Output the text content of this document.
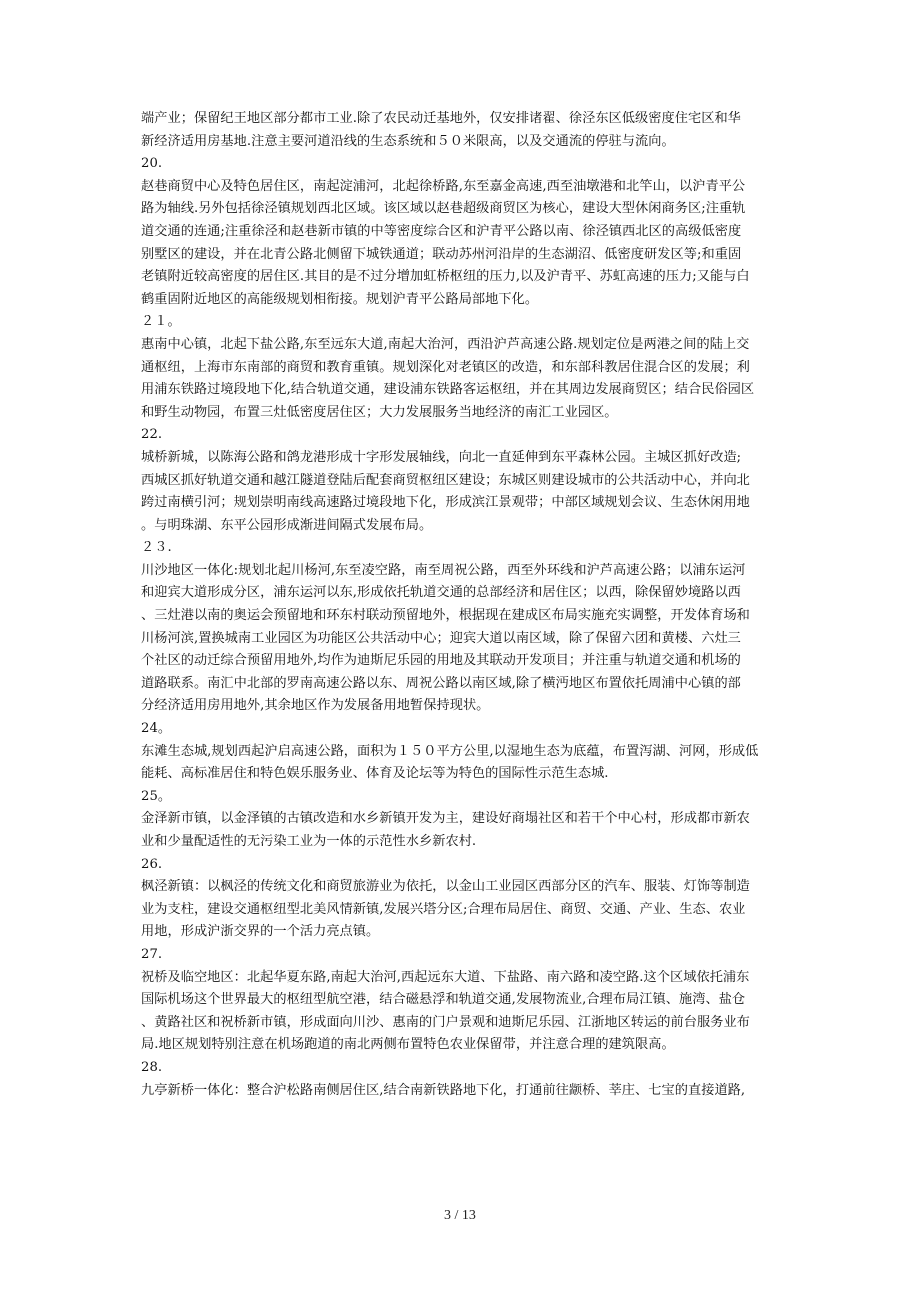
端产业；保留纪王地区部分都市工业.除了农民动迁基地外，仅安排诸翟、徐泾东区低级密度住宅区和华
新经济适用房基地.注意主要河道沿线的生态系统和５０米限高，以及交通流的停驻与流向。
20.
赵巷商贸中心及特色居住区，南起淀浦河，北起徐桥路,东至嘉金高速,西至油墩港和北竿山，以沪青平公
路为轴线.另外包括徐泾镇规划西北区域。该区域以赵巷超级商贸区为核心，建设大型休闲商务区;注重轨
道交通的连通;注重徐泾和赵巷新市镇的中等密度综合区和沪青平公路以南、徐泾镇西北区的高级低密度
别墅区的建设，并在北青公路北侧留下城铁通道；联动苏州河沿岸的生态湖沼、低密度研发区等;和重固
老镇附近较高密度的居住区.其目的是不过分增加虹桥枢纽的压力,以及沪青平、苏虹高速的压力;又能与白
鹤重固附近地区的高能级规划相衔接。规划沪青平公路局部地下化。
２１。
惠南中心镇，北起下盐公路,东至远东大道,南起大治河，西沿沪芦高速公路.规划定位是两港之间的陆上交
通枢纽，上海市东南部的商贸和教育重镇。规划深化对老镇区的改造，和东部科教居住混合区的发展；利
用浦东铁路过境段地下化,结合轨道交通，建设浦东铁路客运枢纽，并在其周边发展商贸区；结合民俗园区
和野生动物园，布置三灶低密度居住区；大力发展服务当地经济的南汇工业园区。
22.
城桥新城，以陈海公路和鸽龙港形成十字形发展轴线，向北一直延伸到东平森林公园。主城区抓好改造;
西城区抓好轨道交通和越江隧道登陆后配套商贸枢纽区建设；东城区则建设城市的公共活动中心，并向北
跨过南横引河；规划崇明南线高速路过境段地下化，形成滨江景观带；中部区域规划会议、生态休闲用地
。与明珠湖、东平公园形成渐进间隔式发展布局。
２３.
川沙地区一体化:规划北起川杨河,东至凌空路，南至周祝公路，西至外环线和沪芦高速公路；以浦东运河
和迎宾大道形成分区，浦东运河以东,形成依托轨道交通的总部经济和居住区；以西，除保留妙境路以西
、三灶港以南的奥运会预留地和环东村联动预留地外，根据现在建成区布局实施充实调整，开发体育场和
川杨河滨,置换城南工业园区为功能区公共活动中心；迎宾大道以南区域，除了保留六团和黄楼、六灶三
个社区的动迁综合预留用地外,均作为迪斯尼乐园的用地及其联动开发项目；并注重与轨道交通和机场的
道路联系。南汇中北部的罗南高速公路以东、周祝公路以南区域,除了横沔地区布置依托周浦中心镇的部
分经济适用房用地外,其余地区作为发展备用地暂保持现状。
24。
东滩生态城,规划西起沪启高速公路，面积为１５０平方公里,以湿地生态为底蕴，布置泻湖、河网，形成低
能耗、高标准居住和特色娱乐服务业、体育及论坛等为特色的国际性示范生态城.
25。
金泽新市镇，以金泽镇的古镇改造和水乡新镇开发为主，建设好商塌社区和若干个中心村，形成都市新农
业和少量配适性的无污染工业为一体的示范性水乡新农村.
26.
枫泾新镇：以枫泾的传统文化和商贸旅游业为依托，以金山工业园区西部分区的汽车、服装、灯饰等制造
业为支柱，建设交通枢纽型北美风情新镇,发展兴塔分区;合理布局居住、商贸、交通、产业、生态、农业
用地，形成沪浙交界的一个活力亮点镇。
27.
祝桥及临空地区：北起华夏东路,南起大治河,西起远东大道、下盐路、南六路和凌空路.这个区域依托浦东
国际机场这个世界最大的枢纽型航空港，结合磁悬浮和轨道交通,发展物流业,合理布局江镇、施湾、盐仓
、黄路社区和祝桥新市镇，形成面向川沙、惠南的门户景观和迪斯尼乐园、江浙地区转运的前台服务业布
局.地区规划特别注意在机场跑道的南北两侧布置特色农业保留带，并注意合理的建筑限高。
28.
九亭新桥一体化：整合沪松路南侧居住区,结合南新铁路地下化，打通前往颛桥、莘庄、七宝的直接道路,
3 / 13
